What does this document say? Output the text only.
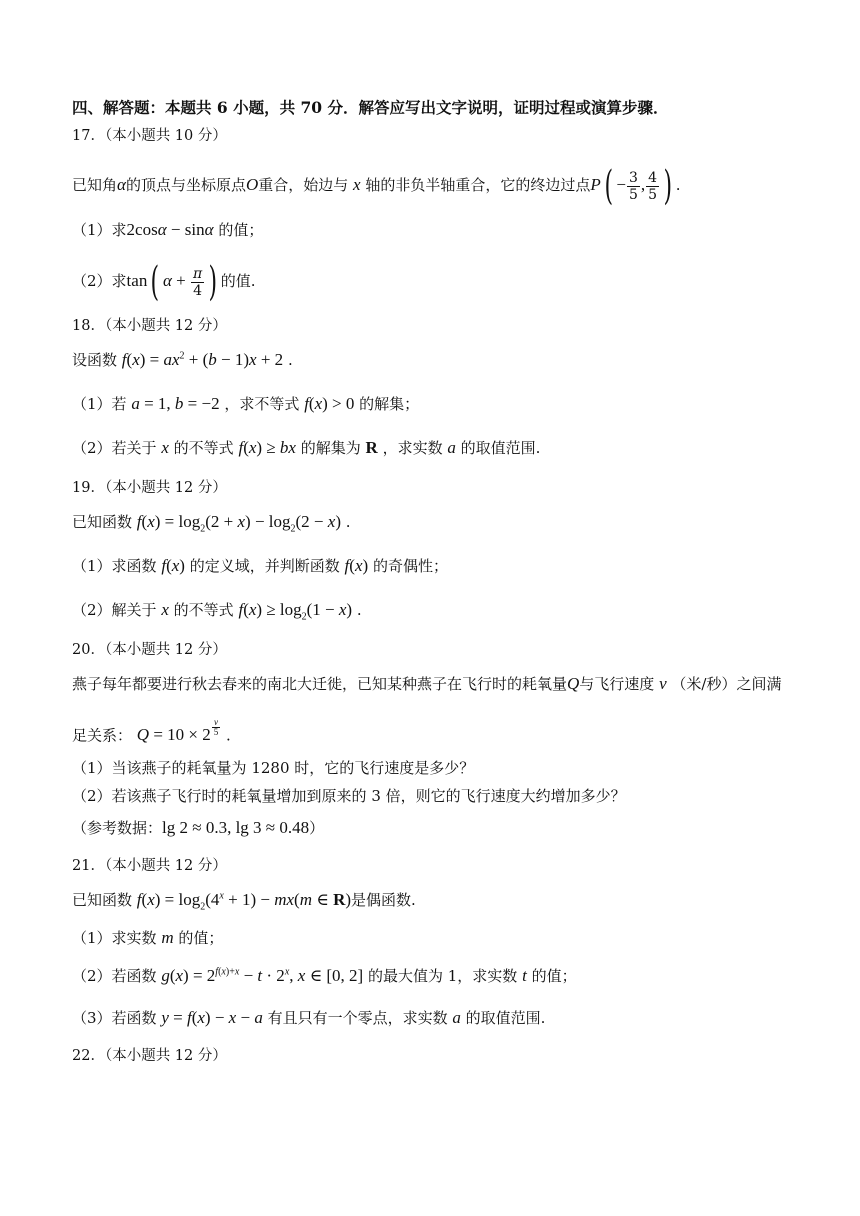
四、解答题：本题共 6 小题，共 70 分．解答应写出文字说明，证明过程或演算步骤．
17．（本小题共 10 分）
已知角α的顶点与坐标原点O重合，始边与 x 轴的非负半轴重合，它的终边过点$P( - \frac{3}{5}$ , $\frac{4}{5}$ ) .
（1）求2cosα − sinα 的值；
（2）求tan( $\alpha + \frac{\pi}{4}$ ) 的值.
18．（本小题共 12 分）
设函数 $f(x) = ax^2 + (b - 1)x + 2$ .
（1）若 a = 1, b = −2 ，求不等式 f(x) > 0 的解集；
（2）若关于 x 的不等式 f(x) ≥ bx 的解集为 R ，求实数 a 的取值范围.
19．（本小题共 12 分）
已知函数 $f(x) = \log_2(2 + x) - \log_2(2 - x)$ .
（1）求函数 f(x) 的定义域，并判断函数 f(x) 的奇偶性；
（2）解关于 x 的不等式 $f(x) \ge \log_2(1 - x)$ .
20．（本小题共 12 分）
燕子每年都要进行秋去春来的南北大迁徙，已知某种燕子在飞行时的耗氧量Q与飞行速度 v （米/秒）之间满
足关系： Q = 10 × 2 $^{\frac{v}{5}}$ .
（1）当该燕子的耗氧量为 1280 时，它的飞行速度是多少？
（2）若该燕子飞行时的耗氧量增加到原来的 3 倍，则它的飞行速度大约增加多少？
（参考数据：lg 2 ≈ 0.3, lg 3 ≈ 0.48）
21．（本小题共 12 分）
已知函数 $f(x) = \log_2(4^x + 1) - mx(m$ ∈ R)是偶函数.
（1）求实数 m 的值；
（2）若函数 $g(x) = 2^{f(x)+x} - t \cdot 2^x$, x ∈ [0, 2] 的最大值为 1，求实数 t 的值；
（3）若函数 y = f(x) − x − a 有且只有一个零点，求实数 a 的取值范围.
22．（本小题共 12 分）
